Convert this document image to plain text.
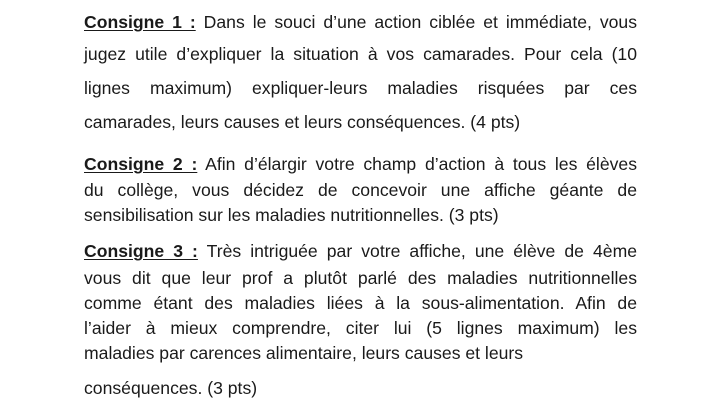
Consigne 1 : Dans le souci d’une action ciblée et immédiate, vous

jugez utile d’expliquer la situation à vos camarades. Pour cela (10

lignes maximum) expliquer-leurs maladies risquées par ces

camarades, leurs causes et leurs conséquences. (4 pts)

Consigne 2 : Afin d’élargir votre champ d’action à tous les élèves

du collège, vous décidez de concevoir une affiche géante de

sensibilisation sur les maladies nutritionnelles. (3 pts)

Consigne 3 : Très intriguée par votre affiche, une élève de 4ème

vous dit que leur prof a plutôt parlé des maladies nutritionnelles

comme étant des maladies liées à la sous-alimentation. Afin de

l’aider à mieux comprendre, citer lui (5 lignes maximum) les

maladies par carences alimentaire, leurs causes et leurs

conséquences. (3 pts)
